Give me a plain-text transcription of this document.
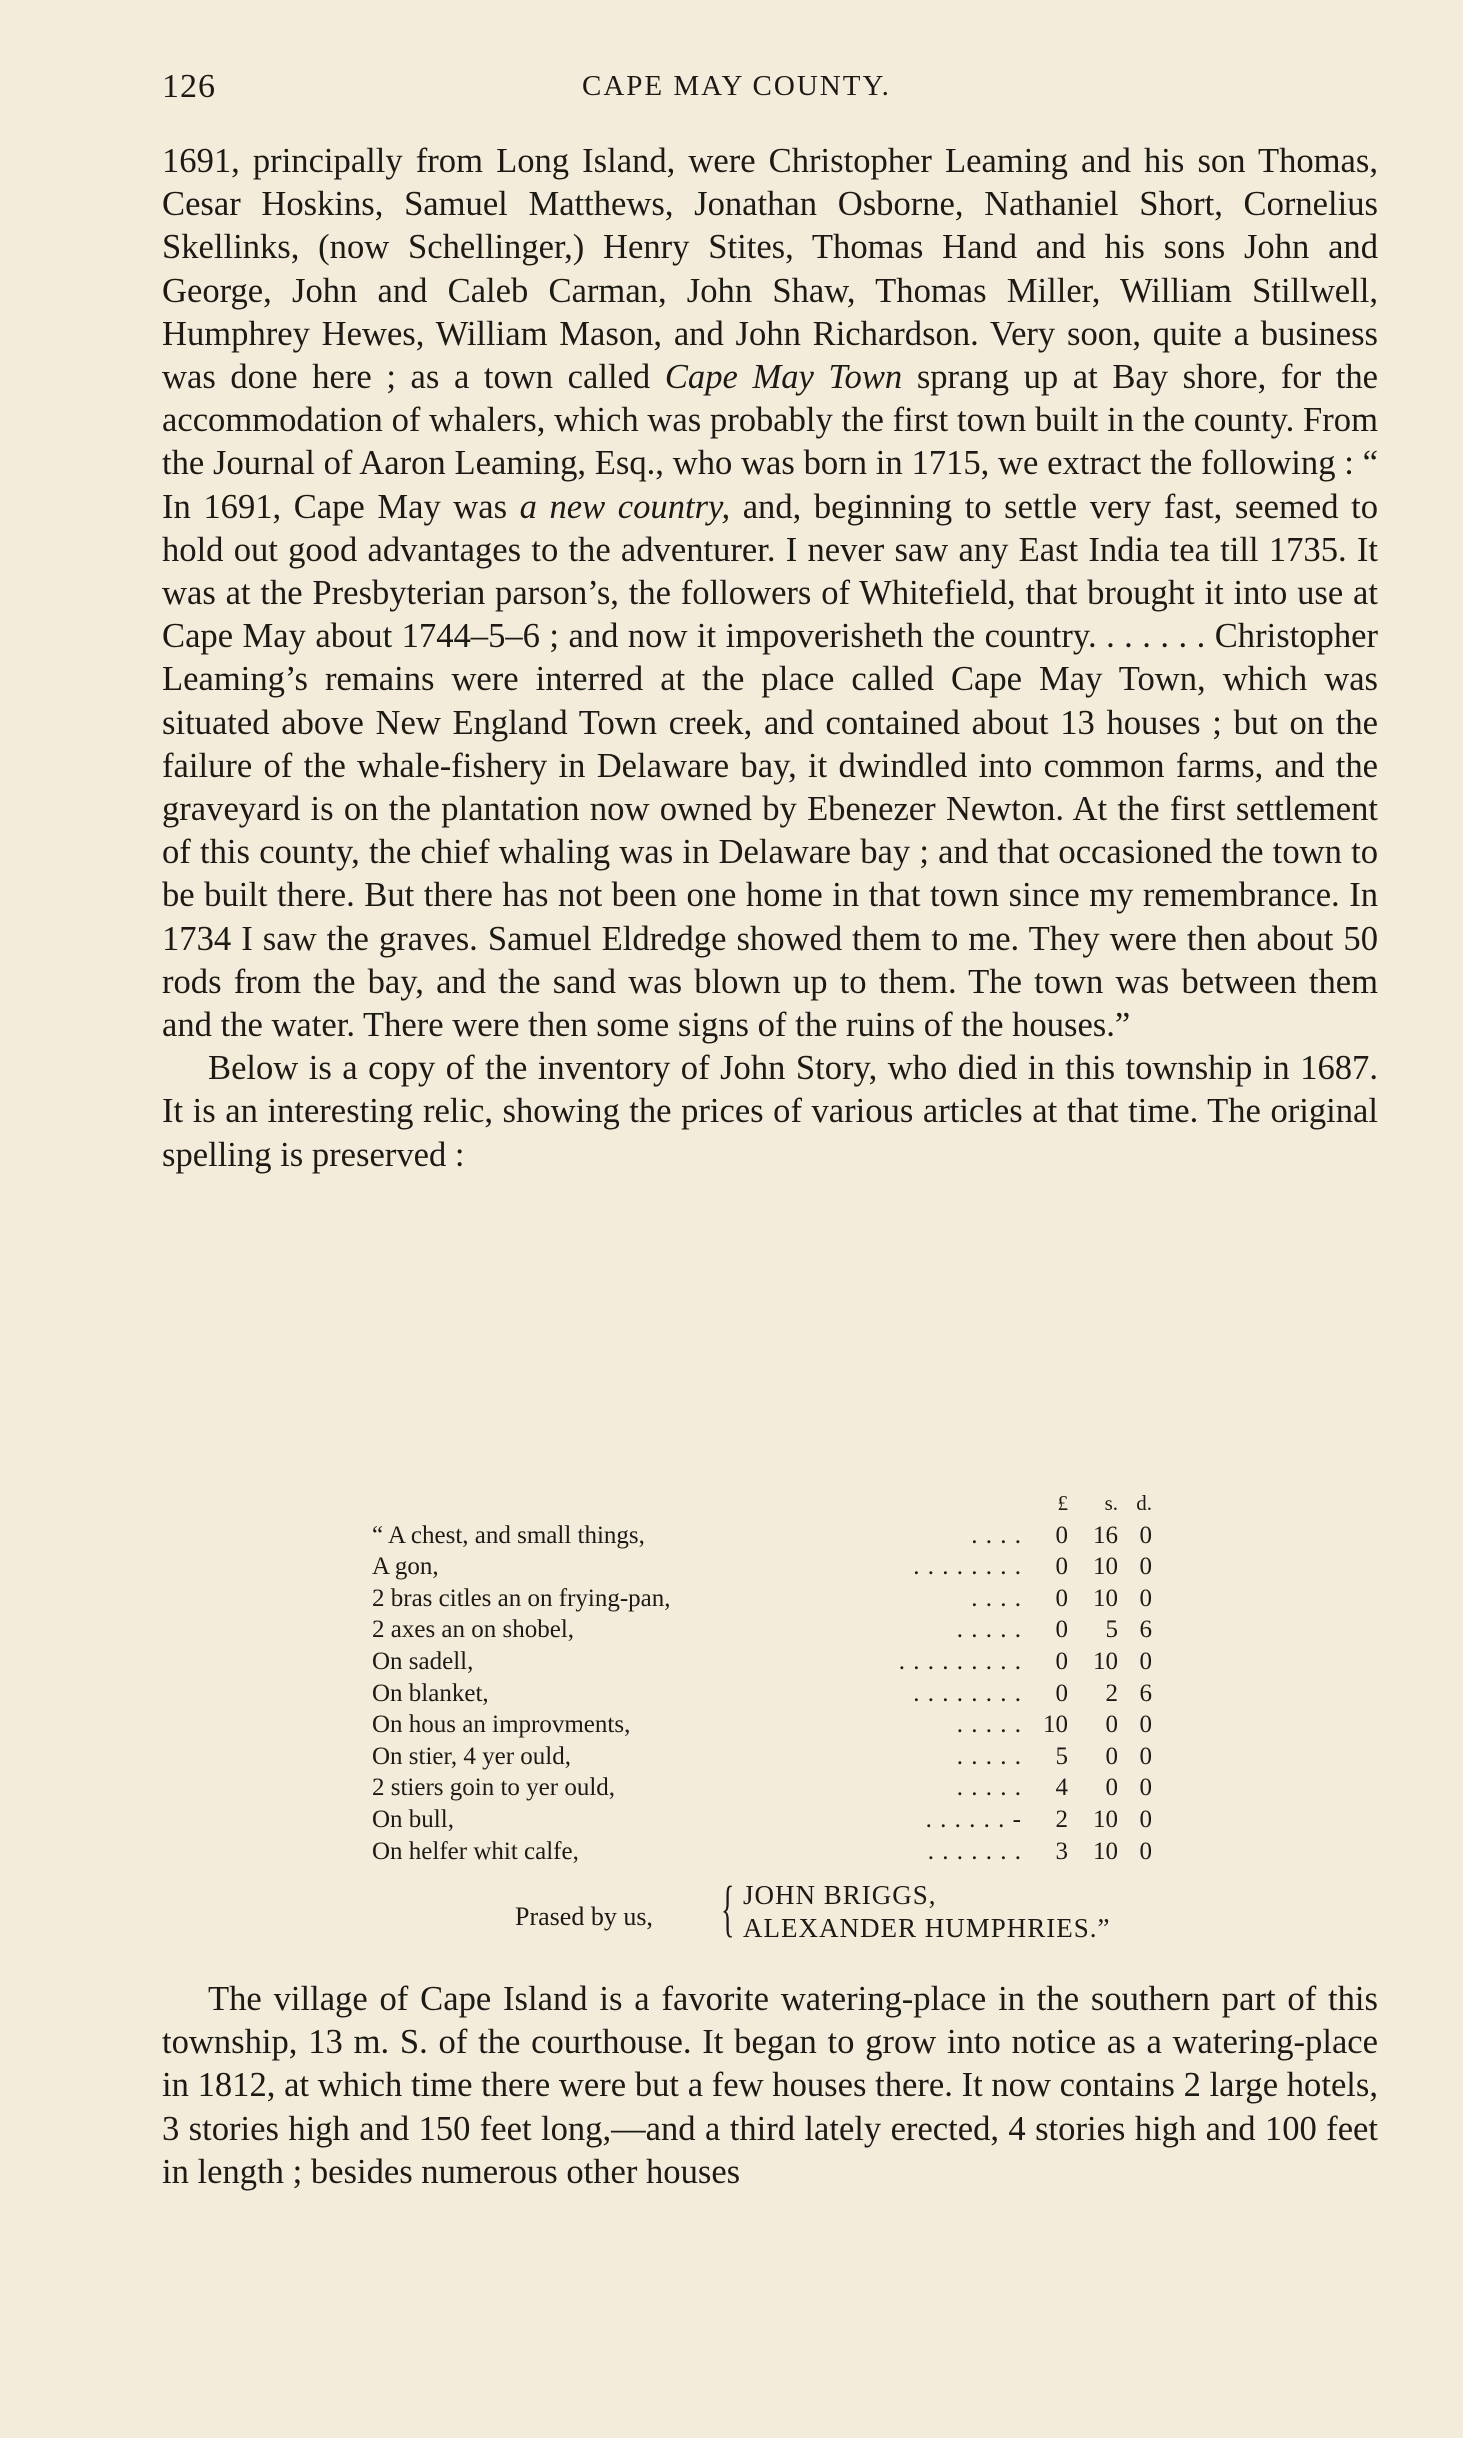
126	CAPE MAY COUNTY.

1691, principally from Long Island, were Christopher Leaming and his son Thomas, Cesar Hoskins, Samuel Matthews, Jonathan Osborne, Nathaniel Short, Cornelius Skellinks, (now Schellinger,) Henry Stites, Thomas Hand and his sons John and George, John and Caleb Carman, John Shaw, Thomas Miller, William Stillwell, Humphrey Hewes, William Mason, and John Richardson. Very soon, quite a business was done here ; as a town called Cape May Town sprang up at Bay shore, for the accommodation of whalers, which was probably the first town built in the county. From the Journal of Aaron Leaming, Esq., who was born in 1715, we extract the following : “ In 1691, Cape May was a new country, and, beginning to settle very fast, seemed to hold out good advantages to the adventurer. I never saw any East India tea till 1735. It was at the Presbyterian parson’s, the followers of Whitefield, that brought it into use at Cape May about 1744–5–6 ; and now it impoverisheth the country. . . . . . . Christopher Leaming’s remains were interred at the place called Cape May Town, which was situated above New England Town creek, and contained about 13 houses ; but on the failure of the whale-fishery in Delaware bay, it dwindled into common farms, and the graveyard is on the plantation now owned by Ebenezer Newton. At the first settlement of this county, the chief whaling was in Delaware bay ; and that occasioned the town to be built there. But there has not been one home in that town since my remembrance. In 1734 I saw the graves. Samuel Eldredge showed them to me. They were then about 50 rods from the bay, and the sand was blown up to them. The town was between them and the water. There were then some signs of the ruins of the houses.”

Below is a copy of the inventory of John Story, who died in this township in 1687. It is an interesting relic, showing the prices of various articles at that time. The original spelling is preserved :

£	s. d.
“ A chest, and small things,	. . . .	0	16 0
A gon,	. . . . . . . .	0	10 0
2 bras citles an on frying-pan,	. . . .	0	10 0
2 axes an on shobel,	. . . . .	0	5 6
On sadell,	. . . . . . . . .	0	10 0
On blanket,	. . . . . . . .	0	2 6
On hous an improvments,	. . . . . 10	0 0
On stier, 4 yer ould,	. . . . .	5	0 0
2 stiers goin to yer ould,	. . . . .	4	0 0
On bull,	. . . . . . -	2	10 0
On helfer whit calfe,	. . . . . . .	3	10 0
Prased by us, { JOHN BRIGGS,
ALEXANDER HUMPHRIES.”

The village of Cape Island is a favorite watering-place in the southern part of this township, 13 m. S. of the courthouse. It began to grow into notice as a watering-place in 1812, at which time there were but a few houses there. It now contains 2 large hotels, 3 stories high and 150 feet long,—and a third lately erected, 4 stories high and 100 feet in length ; besides numerous other houses
